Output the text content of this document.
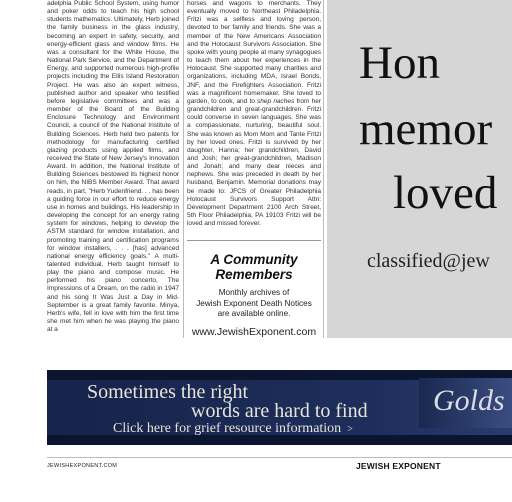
adelphia Public School System, using humor and poker odds to teach his high school students mathematics. Ultimately, Herb joined the family business in the glass industry, becoming an expert in safety, security, and energy-efficient glass and window films. He was a consultant for the White House, the National Park Service, and the Department of Energy, and supported numerous high-profile projects including the Ellis Island Restoration Project. He was also an expert witness, published author and speaker who testified before legislative committees and was a member of the Board of the Building Enclosure Technology and Environment Council, a council of the National Institute of Building Sciences. Herb held two patents for methodology for manufacturing certified glazing products using applied films, and received the State of New Jersey's Innovation Award. In addition, the National Institute of Building Sciences bestowed its highest honor on him, the NIBS Member Award. That award reads, in part, "Herb Yudenfriend. . . has been a guiding force in our effort to reduce energy use in homes and buildings. His leadership in developing the concept for an energy rating system for windows, helping to develop the ASTM standard for window installation, and promoting training and certification programs for window installers, . . . [has] advanced national energy efficiency goals." A multi-talented individual, Herb taught himself to play the piano and compose music. He performed his piano concerto, The Impressions of a Dream, on the radio in 1947 and his song It Was Just a Day in Mid-September is a great family favorite. Minya, Herb's wife, fell in love with him the first time she met him when he was playing the piano at a
horses and wagons to merchants. They eventually moved to Northeast Philadelphia. Fritzi was a selfless and loving person, devoted to her family and friends. She was a member of the New Americans Association and the Holocaust Survivors Association. She spoke with young people at many synagogues to teach them about her experiences in the Holocaust. She supported many charities and organizations, including MDA, Israel Bonds, JNF, and the Firefighters Association. Fritzi was a magnificent homemaker. She loved to garden, to cook, and to shep naches from her grandchildren and great-grandchildren. Fritzi could converse in seven languages. She was a compassionate, nurturing, beautiful soul. She was known as Mom Mom and Tante Fritzi by her loved ones. Fritzi is survived by her daughter, Hanna; her grandchildren, David and Josh; her great-grandchildren, Madison and Jonah; and many dear nieces and nephews. She was preceded in death by her husband, Benjamin. Memorial donations may be made to: JFCS of Greater Philadelphia Holocaust Survivors Support Attn: Development Department 2100 Arch Street, 5th Floor Philadelphia, PA 19103 Fritzi will be loved and missed forever.
A Community
Remembers
Monthly archives of
Jewish Exponent Death Notices
are available online.
www.JewishExponent.com
Hon
memor
loved
classified@jew
Sometimes the right
words are hard to find
Click here for grief resource information >
Golds
JEWISHEXPONENT.COM	JEWISH EXPONENT
